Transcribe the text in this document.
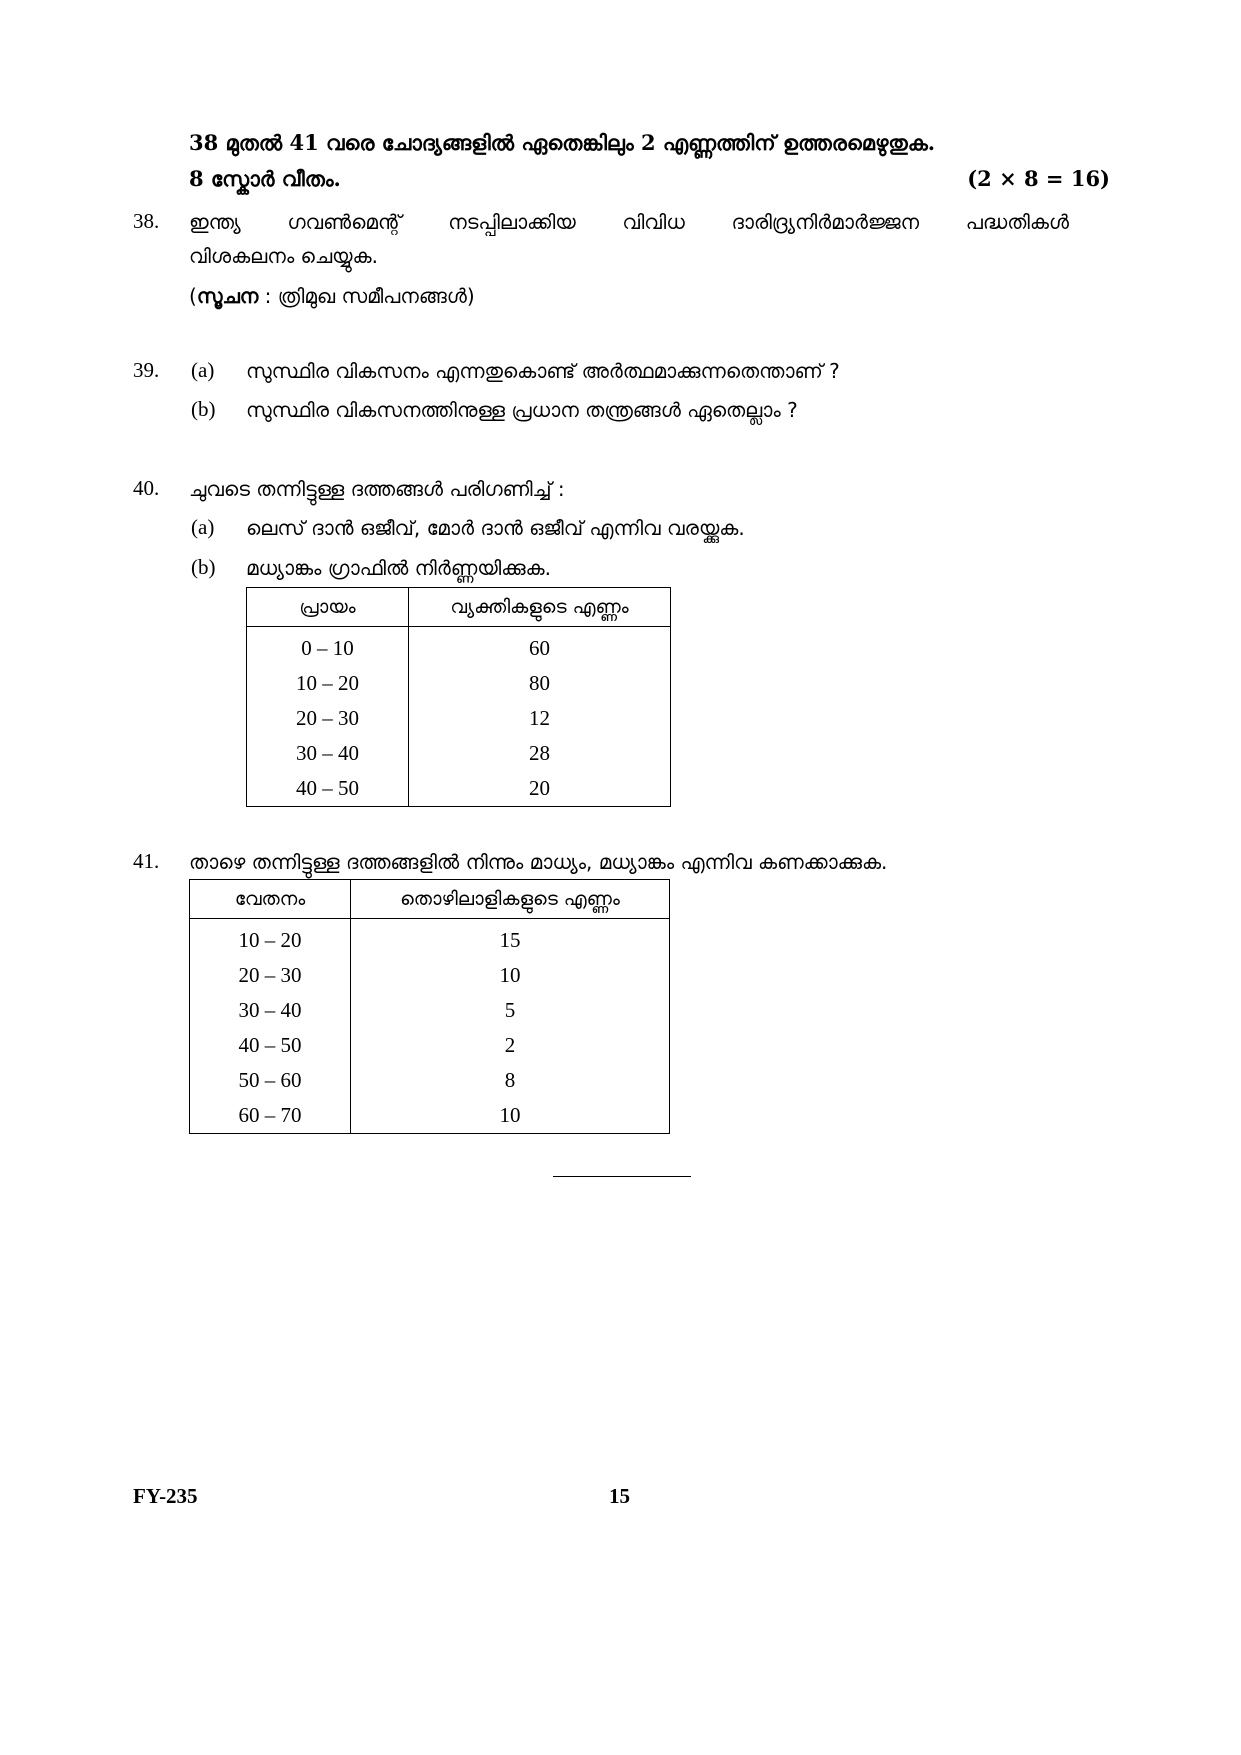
38 മുതൽ 41 വരെ ചോദ്യങ്ങളിൽ ഏതെങ്കിലും 2 എണ്ണത്തിന് ഉത്തരമെഴുതുക.
8 സ്കോർ വീതം.	(2 × 8 = 16)
38. ഇന്ത്യ ഗവൺമെന്റ് നടപ്പിലാക്കിയ വിവിധ ദാരിദ്ര്യനിർമാർജ്ജന പദ്ധതികൾ
വിശകലനം ചെയ്യുക.
(സൂചന : ത്രിമുഖ സമീപനങ്ങൾ)
39. (a) സുസ്ഥിര വികസനം എന്നതുകൊണ്ട് അർത്ഥമാക്കുന്നതെന്താണ് ?
(b) സുസ്ഥിര വികസനത്തിനുള്ള പ്രധാന തന്ത്രങ്ങൾ ഏതെല്ലാം ?
40. ചുവടെ തന്നിട്ടുള്ള ദത്തങ്ങൾ പരിഗണിച്ച് :
(a) ലെസ് ദാൻ ഒജീവ്, മോർ ദാൻ ഒജീവ് എന്നിവ വരയ്ക്കുക.
(b) മധ്യാങ്കം ഗ്രാഫിൽ നിർണ്ണയിക്കുക.
പ്രായം	വ്യക്തികളുടെ എണ്ണം
0 – 10	60
10 – 20	80
20 – 30	12
30 – 40	28
40 – 50	20
41. താഴെ തന്നിട്ടുള്ള ദത്തങ്ങളിൽ നിന്നും മാധ്യം, മധ്യാങ്കം എന്നിവ കണക്കാക്കുക.
വേതനം	തൊഴിലാളികളുടെ എണ്ണം
10 – 20	15
20 – 30	10
30 – 40	5
40 – 50	2
50 – 60	8
60 – 70	10
FY-235	15
